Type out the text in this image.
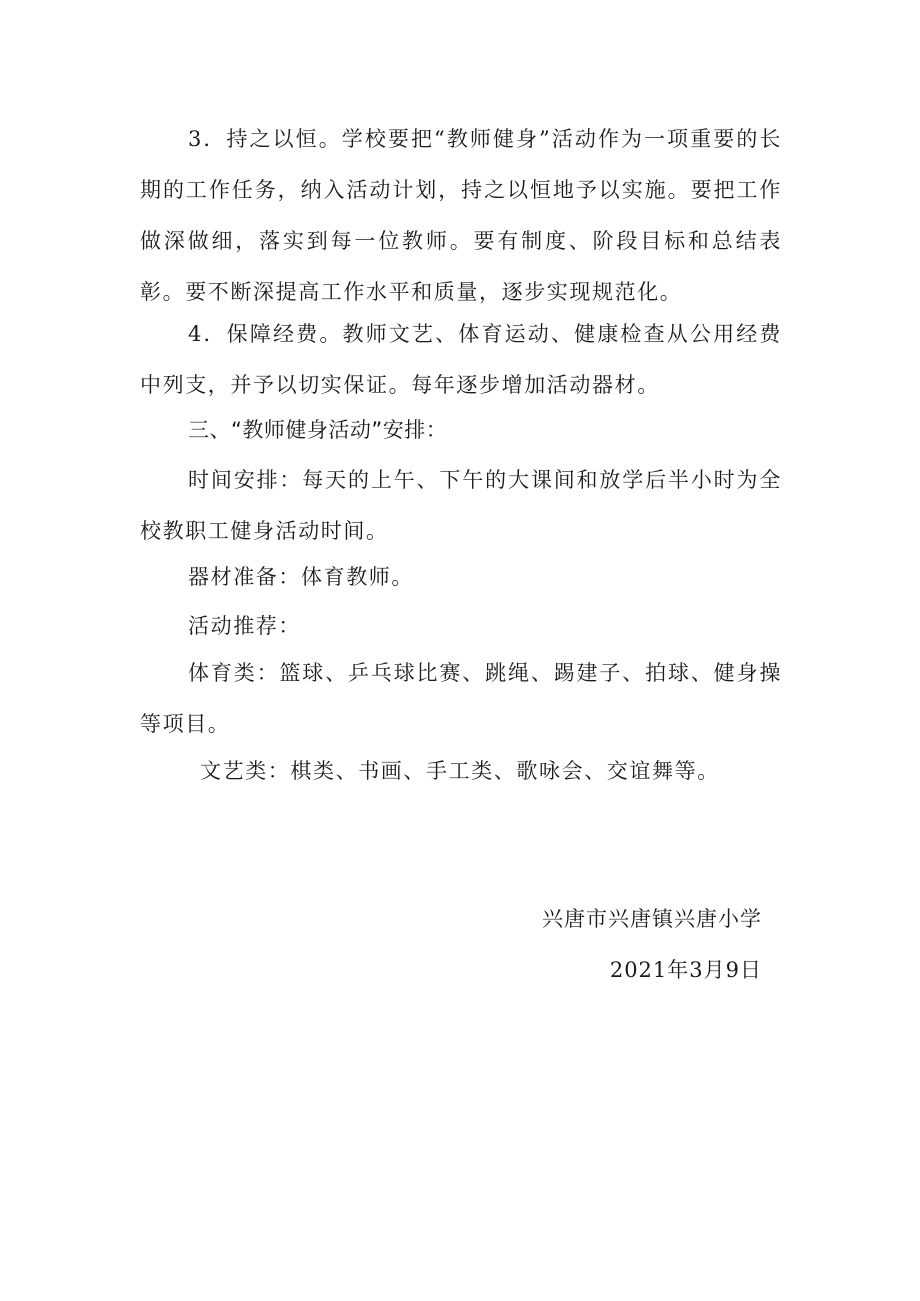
3．持之以恒。学校要把“教师健身”活动作为一项重要的长期的工作任务，纳入活动计划，持之以恒地予以实施。要把工作做深做细，落实到每一位教师。要有制度、阶段目标和总结表彰。要不断深提高工作水平和质量，逐步实现规范化。

4．保障经费。教师文艺、体育运动、健康检查从公用经费中列支，并予以切实保证。每年逐步增加活动器材。

三、“教师健身活动”安排：

时间安排：每天的上午、下午的大课间和放学后半小时为全校教职工健身活动时间。

器材准备：体育教师。

活动推荐：

体育类：篮球、乒乓球比赛、跳绳、踢建子、拍球、健身操等项目。

文艺类：棋类、书画、手工类、歌咏会、交谊舞等。

兴唐市兴唐镇兴唐小学
2021年3月9日
